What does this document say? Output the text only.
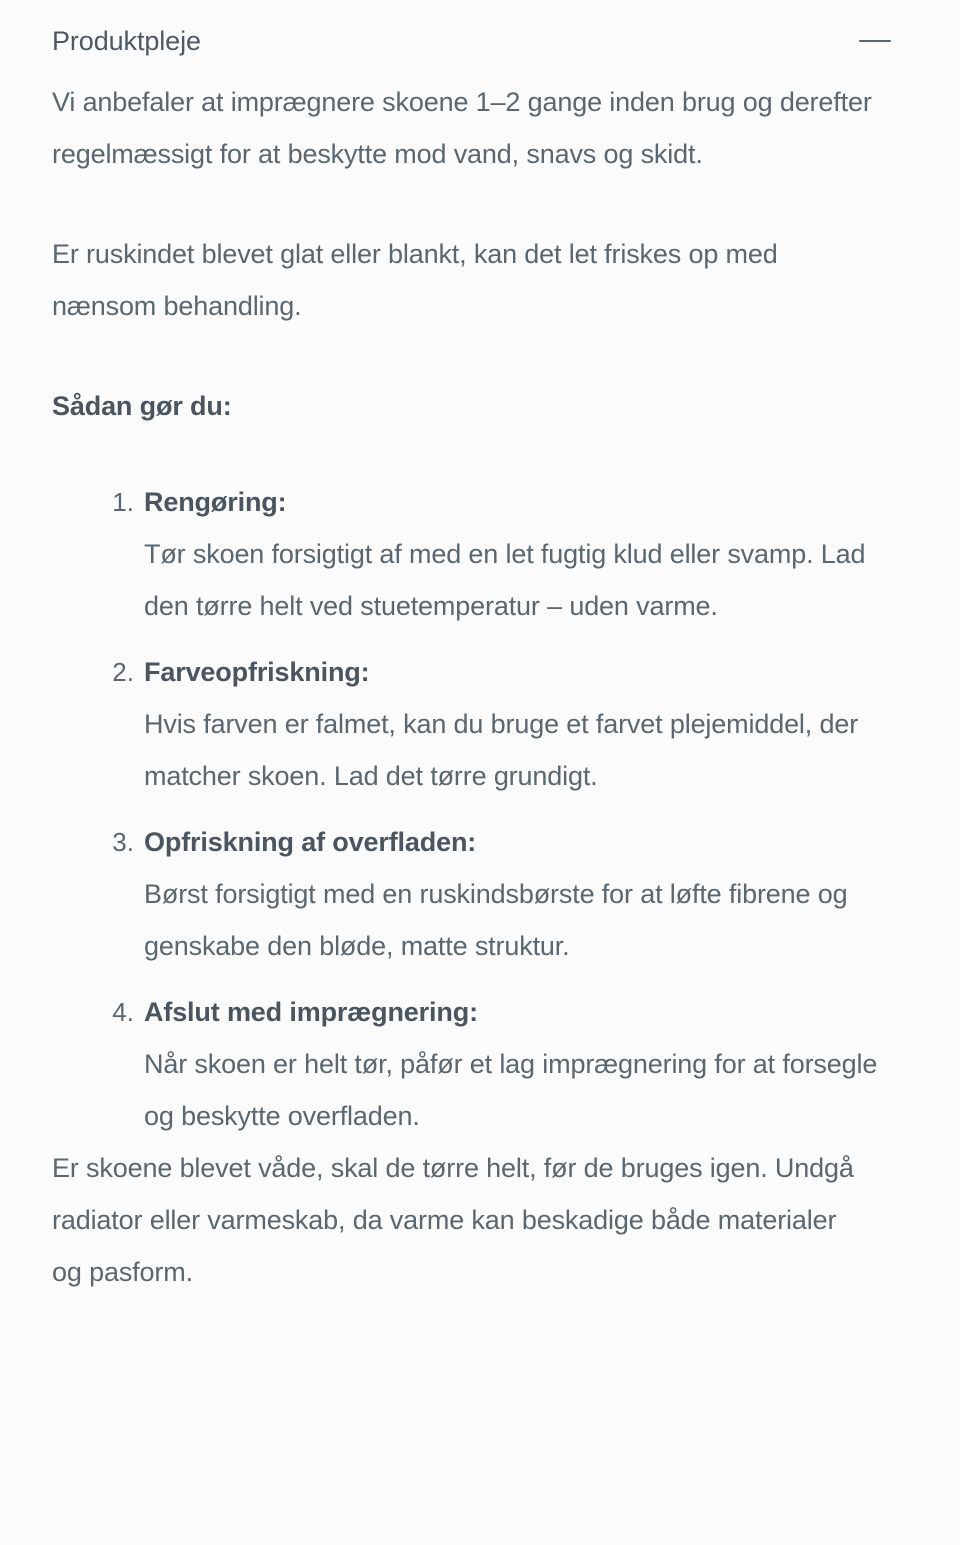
Produktpleje

Vi anbefaler at imprægnere skoene 1–2 gange inden brug og derefter regelmæssigt for at beskytte mod vand, snavs og skidt.

Er ruskindet blevet glat eller blankt, kan det let friskes op med nænsom behandling.

Sådan gør du:

Rengøring:
Tør skoen forsigtigt af med en let fugtig klud eller svamp. Lad den tørre helt ved stuetemperatur – uden varme.
Farveopfriskning:
Hvis farven er falmet, kan du bruge et farvet plejemiddel, der matcher skoen. Lad det tørre grundigt.
Opfriskning af overfladen:
Børst forsigtigt med en ruskindsbørste for at løfte fibrene og genskabe den bløde, matte struktur.
Afslut med imprægnering:
Når skoen er helt tør, påfør et lag imprægnering for at forsegle og beskytte overfladen.

Er skoene blevet våde, skal de tørre helt, før de bruges igen. Undgå radiator eller varmeskab, da varme kan beskadige både materialer og pasform.
